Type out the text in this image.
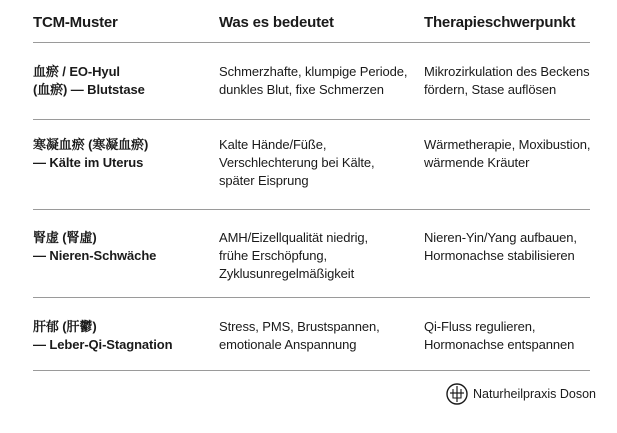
TCM-Muster	Was es bedeutet	Therapieschwerpunkt
血瘀 / EO-Hyul
(血瘀) — Blutstase
Schmerzhafte, klumpige Periode,
dunkles Blut, fixe Schmerzen
Mikrozirkulation des Beckens
fördern, Stase auflösen
寒凝血瘀 (寒凝血瘀)
— Kälte im Uterus
Kalte Hände/Füße,
Verschlechterung bei Kälte,
später Eisprung
Wärmetherapie, Moxibustion,
wärmende Kräuter
腎虚 (腎虛)
— Nieren-Schwäche
AMH/Eizellqualität niedrig,
frühe Erschöpfung,
Zyklusunregelmäßigkeit
Nieren-Yin/Yang aufbauen,
Hormonachse stabilisieren
肝郁 (肝鬱)
— Leber-Qi-Stagnation
Stress, PMS, Brustspannen,
emotionale Anspannung
Qi-Fluss regulieren,
Hormonachse entspannen
Naturheilpraxis Doson
